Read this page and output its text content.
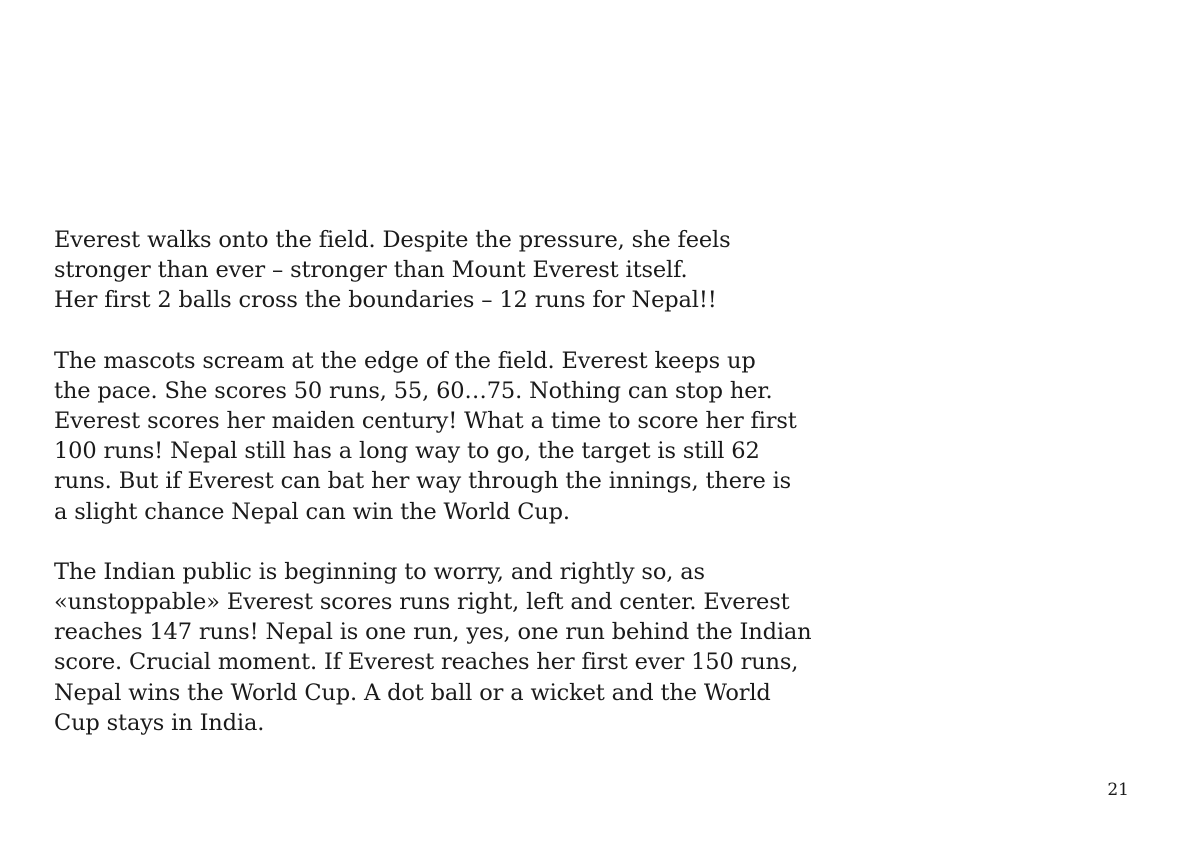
Everest walks onto the field. Despite the pressure, she feels
stronger than ever – stronger than Mount Everest itself.
Her first 2 balls cross the boundaries – 12 runs for Nepal!!

The mascots scream at the edge of the field. Everest keeps up
the pace. She scores 50 runs, 55, 60…75. Nothing can stop her.
Everest scores her maiden century! What a time to score her first
100 runs! Nepal still has a long way to go, the target is still 62
runs. But if Everest can bat her way through the innings, there is
a slight chance Nepal can win the World Cup.

The Indian public is beginning to worry, and rightly so, as
«unstoppable» Everest scores runs right, left and center. Everest
reaches 147 runs! Nepal is one run, yes, one run behind the Indian
score. Crucial moment. If Everest reaches her first ever 150 runs,
Nepal wins the World Cup. A dot ball or a wicket and the World
Cup stays in India.

21
